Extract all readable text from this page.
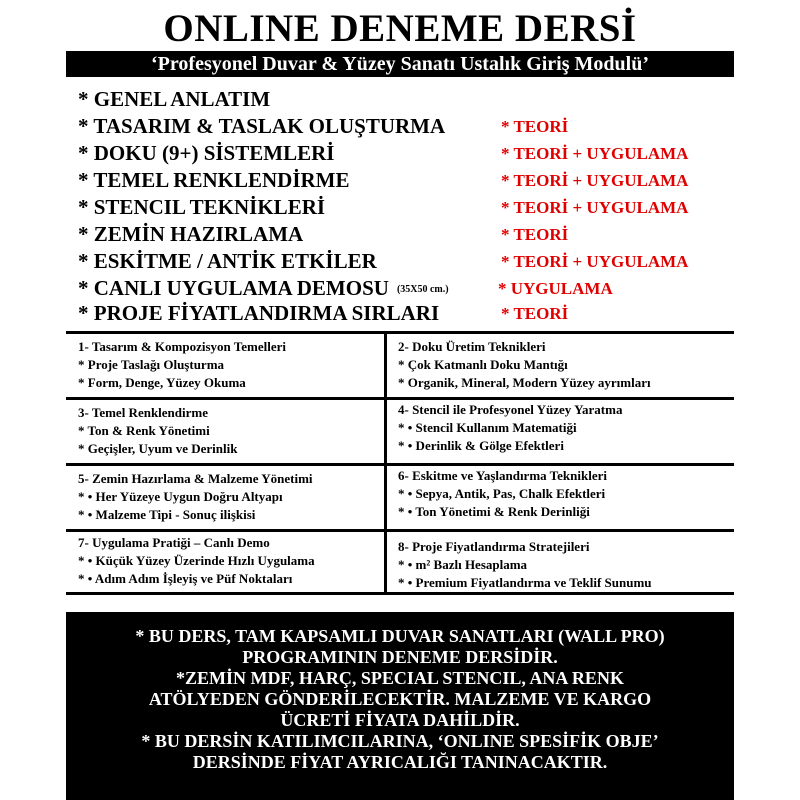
ONLINE DENEME DERSİ
‘Profesyonel Duvar & Yüzey Sanatı Ustalık Giriş Modulü’
* GENEL ANLATIM
* TASARIM & TASLAK OLUŞTURMA	* TEORİ
* DOKU (9+) SİSTEMLERİ	* TEORİ + UYGULAMA
* TEMEL RENKLENDİRME	* TEORİ + UYGULAMA
* STENCIL TEKNİKLERİ	* TEORİ + UYGULAMA
* ZEMİN HAZIRLAMA	* TEORİ
* ESKİTME / ANTİK ETKİLER	* TEORİ + UYGULAMA
* CANLI UYGULAMA DEMOSU (35X50 cm.)	* UYGULAMA
* PROJE FİYATLANDIRMA SIRLARI	* TEORİ
1- Tasarım & Kompozisyon Temelleri
* Proje Taslağı Oluşturma
* Form, Denge, Yüzey Okuma
2- Doku Üretim Teknikleri
* Çok Katmanlı Doku Mantığı
* Organik, Mineral, Modern Yüzey ayrımları
3- Temel Renklendirme
* Ton & Renk Yönetimi
* Geçişler, Uyum ve Derinlik
4- Stencil ile Profesyonel Yüzey Yaratma
* • Stencil Kullanım Matematiği
* • Derinlik & Gölge Efektleri
5- Zemin Hazırlama & Malzeme Yönetimi
* • Her Yüzeye Uygun Doğru Altyapı
* • Malzeme Tipi - Sonuç ilişkisi
6- Eskitme ve Yaşlandırma Teknikleri
* • Sepya, Antik, Pas, Chalk Efektleri
* • Ton Yönetimi & Renk Derinliği
7- Uygulama Pratiği – Canlı Demo
* • Küçük Yüzey Üzerinde Hızlı Uygulama
* • Adım Adım İşleyiş ve Püf Noktaları
8- Proje Fiyatlandırma Stratejileri
* • m² Bazlı Hesaplama
* • Premium Fiyatlandırma ve Teklif Sunumu

* BU DERS, TAM KAPSAMLI DUVAR SANATLARI (WALL PRO)

PROGRAMININ DENEME DERSİDİR.

*ZEMİN MDF, HARÇ, SPECIAL STENCIL, ANA RENK

ATÖLYEDEN GÖNDERİLECEKTİR. MALZEME VE KARGO

ÜCRETİ FİYATA DAHİLDİR.

* BU DERSİN KATILIMCILARINA, ‘ONLINE SPESİFİK OBJE’

DERSİNDE FİYAT AYRICALIĞI TANINACAKTIR.
